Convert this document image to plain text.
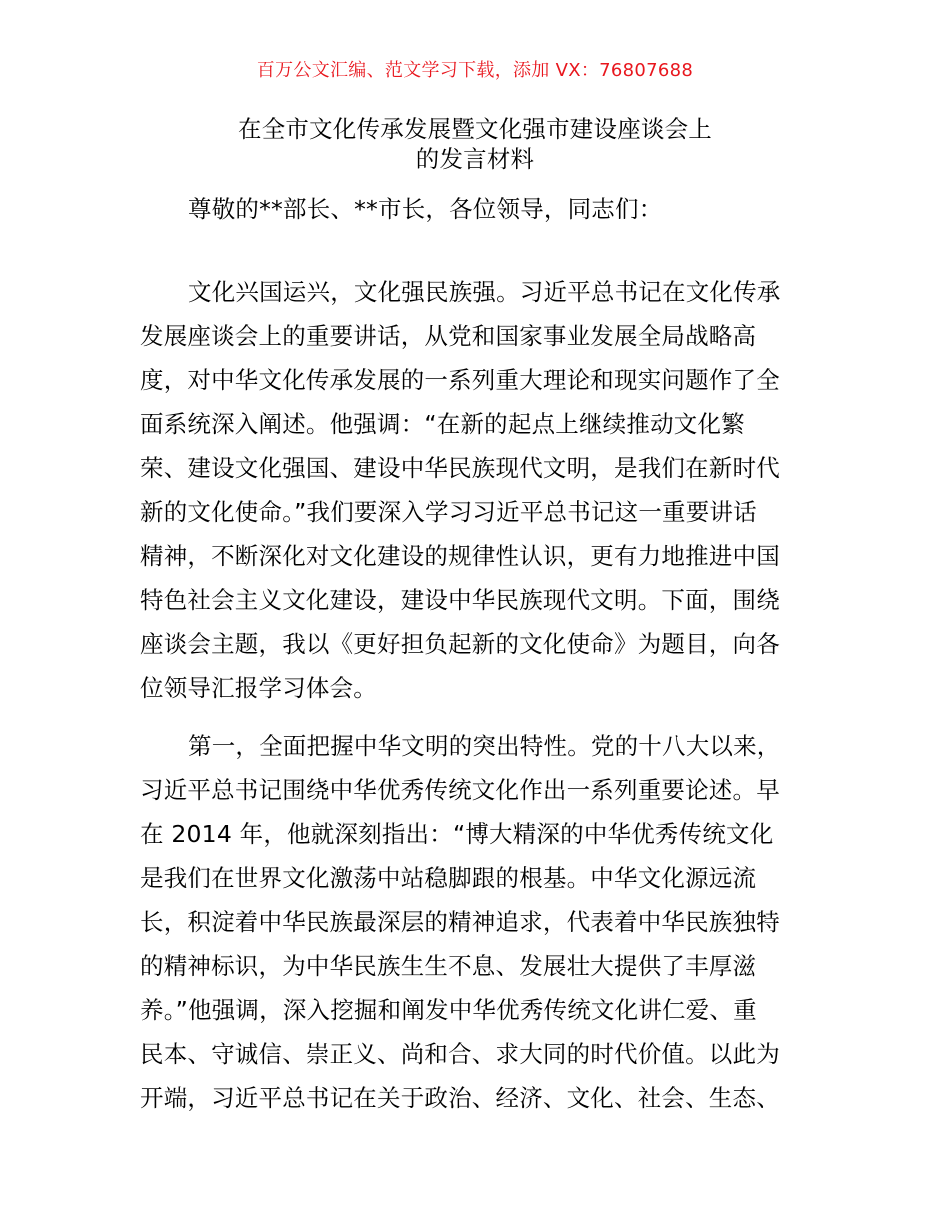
百万公文汇编、范文学习下载，添加 VX：76807688
在全市文化传承发展暨文化强市建设座谈会上
的发言材料
尊敬的**部长、**市长，各位领导，同志们：
文化兴国运兴，文化强民族强。习近平总书记在文化传承
发展座谈会上的重要讲话，从党和国家事业发展全局战略高
度，对中华文化传承发展的一系列重大理论和现实问题作了全
面系统深入阐述。他强调：“在新的起点上继续推动文化繁
荣、建设文化强国、建设中华民族现代文明，是我们在新时代
新的文化使命。”我们要深入学习习近平总书记这一重要讲话
精神，不断深化对文化建设的规律性认识，更有力地推进中国
特色社会主义文化建设，建设中华民族现代文明。下面，围绕
座谈会主题，我以《更好担负起新的文化使命》为题目，向各
位领导汇报学习体会。
第一，全面把握中华文明的突出特性。党的十八大以来，
习近平总书记围绕中华优秀传统文化作出一系列重要论述。早
在 2014 年，他就深刻指出：“博大精深的中华优秀传统文化
是我们在世界文化激荡中站稳脚跟的根基。中华文化源远流
长，积淀着中华民族最深层的精神追求，代表着中华民族独特
的精神标识，为中华民族生生不息、发展壮大提供了丰厚滋
养。”他强调，深入挖掘和阐发中华优秀传统文化讲仁爱、重
民本、守诚信、崇正义、尚和合、求大同的时代价值。以此为
开端，习近平总书记在关于政治、经济、文化、社会、生态、
